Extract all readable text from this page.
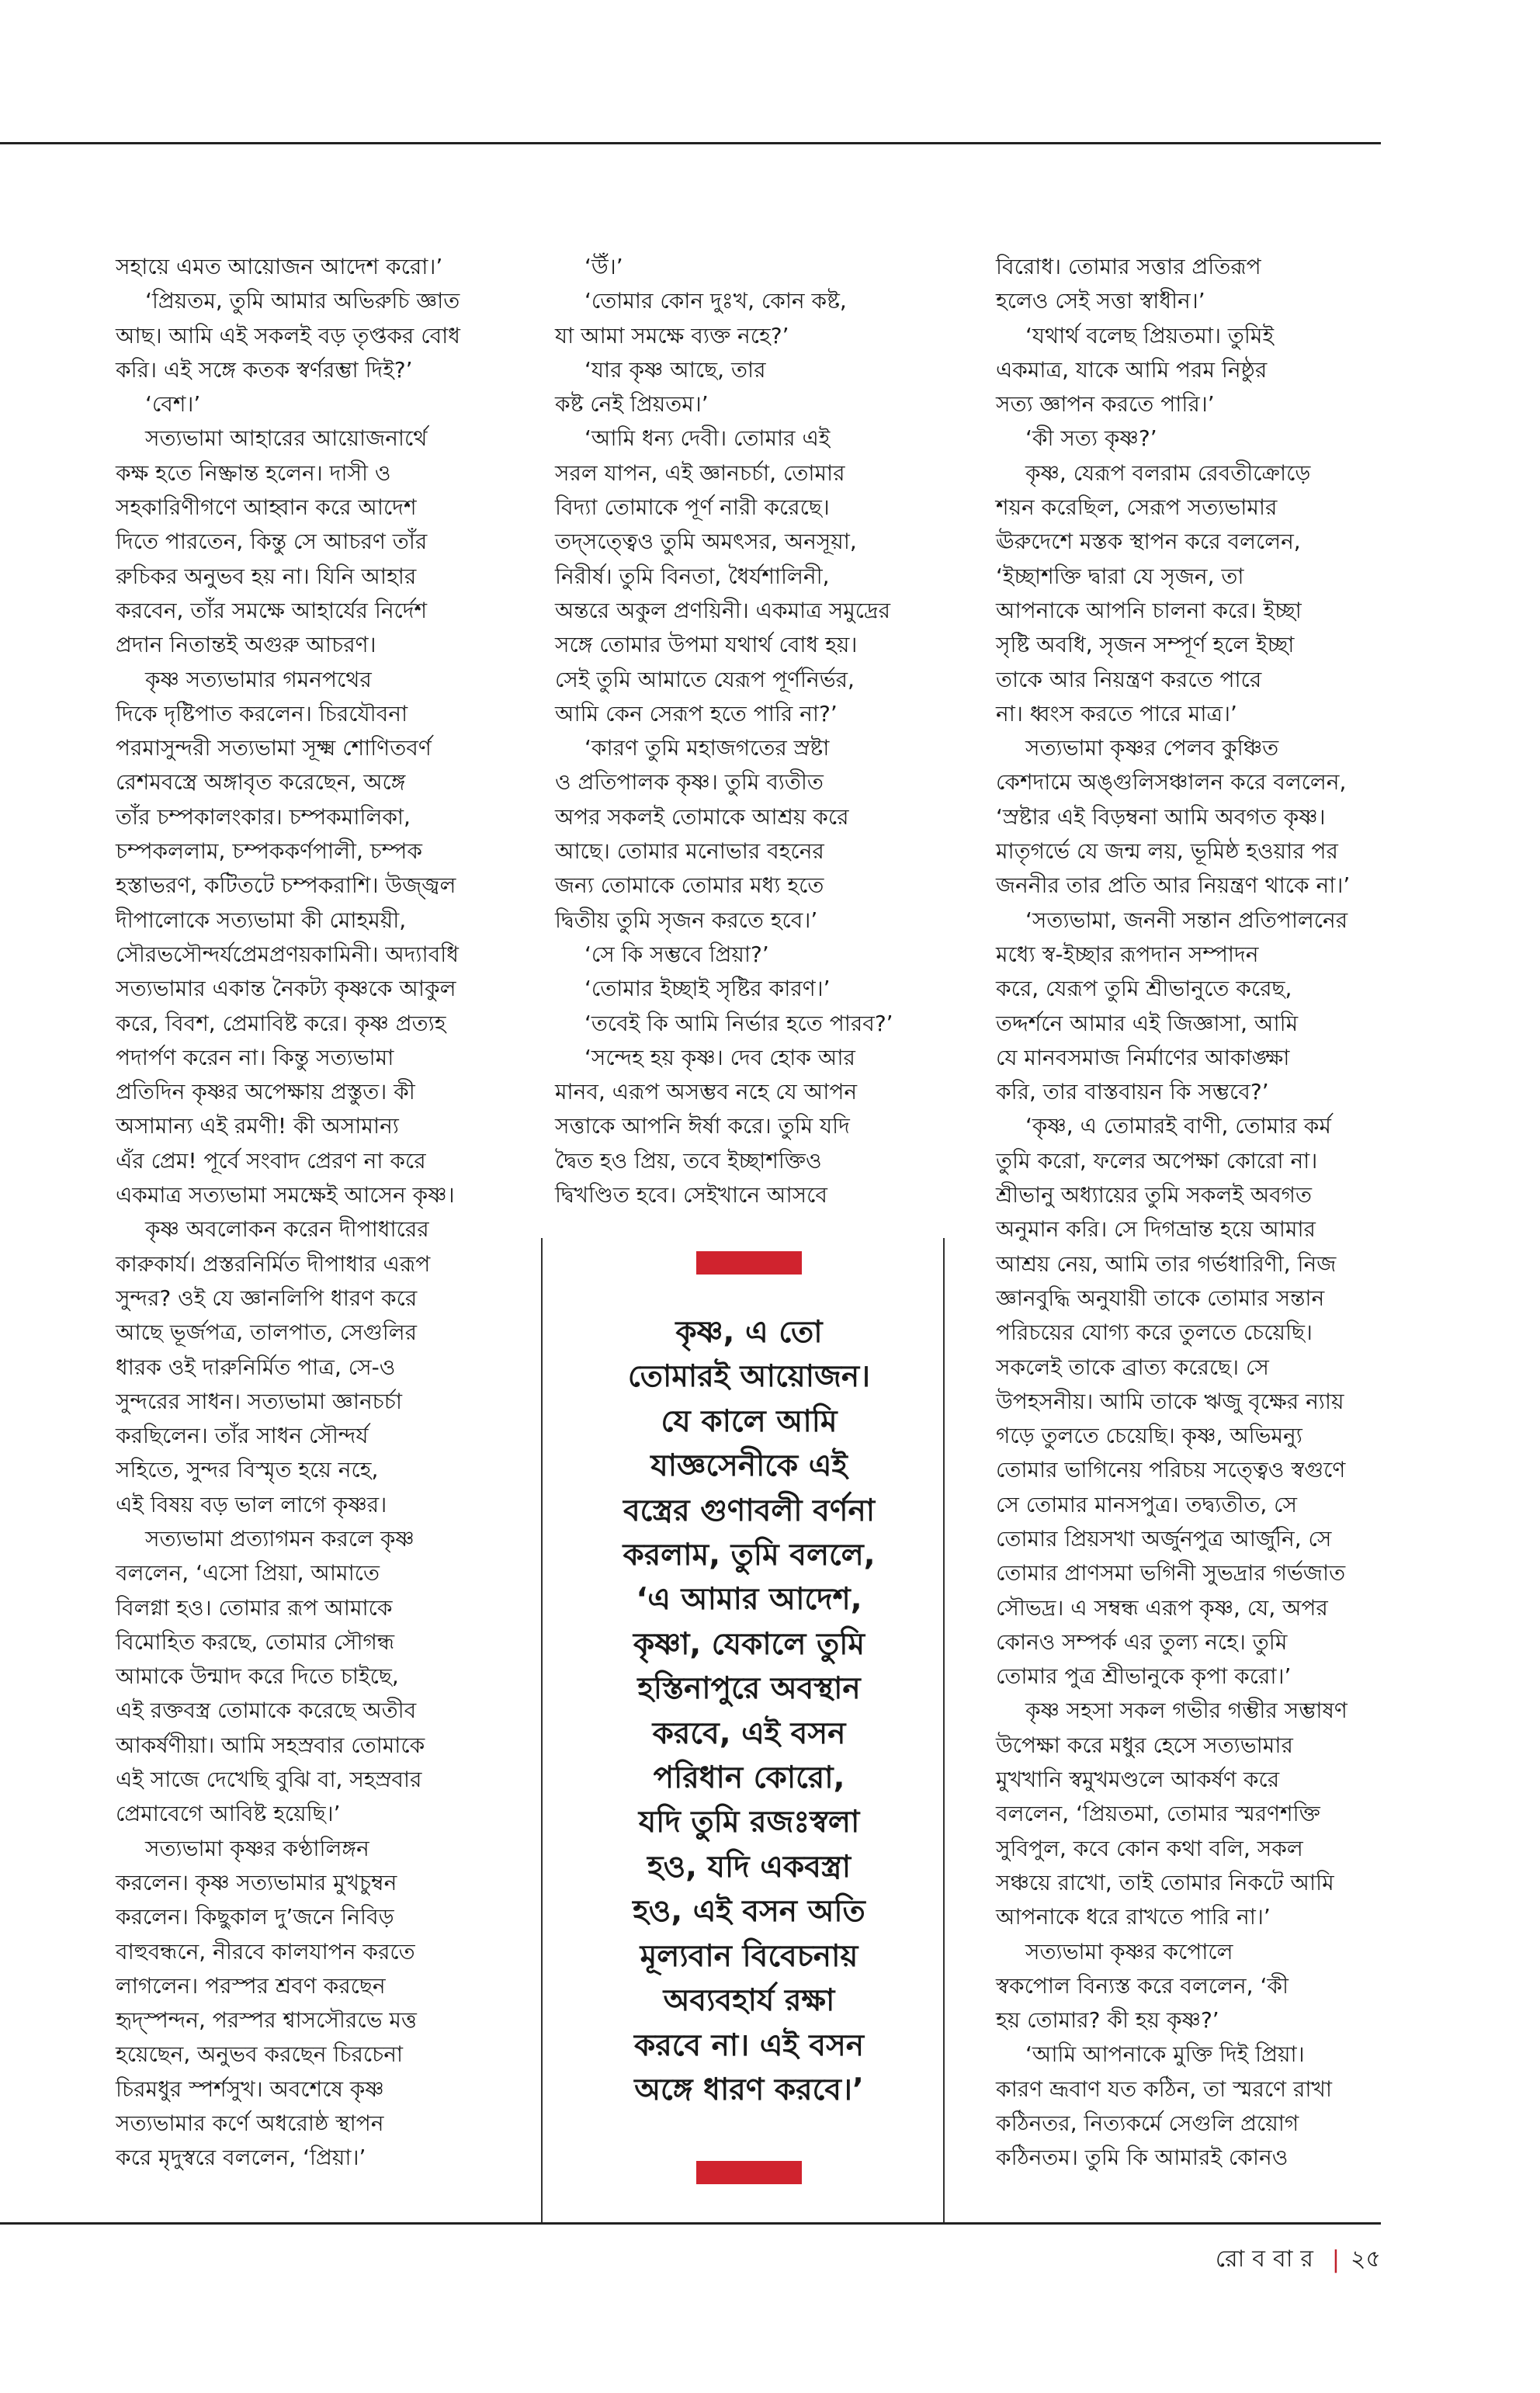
সহায়ে এমত আয়োজন আদেশ করো।’
‘প্রিয়তম, তুমি আমার অভিরুচি জ্ঞাত
আছ। আমি এই সকলই বড় তৃপ্তকর বোধ
করি। এই সঙ্গে কতক স্বর্ণরম্ভা দিই?’
‘বেশ।’
সত্যভামা আহারের আয়োজনার্থে
কক্ষ হতে নিষ্ক্রান্ত হলেন। দাসী ও
সহকারিণীগণে আহ্বান করে আদেশ
দিতে পারতেন, কিন্তু সে আচরণ তাঁর
রুচিকর অনুভব হয় না। যিনি আহার
করবেন, তাঁর সমক্ষে আহার্যের নির্দেশ
প্রদান নিতান্তই অগুরু আচরণ।
কৃষ্ণ সত্যভামার গমনপথের
দিকে দৃষ্টিপাত করলেন। চিরযৌবনা
পরমাসুন্দরী সত্যভামা সূক্ষ্ম শোণিতবর্ণ
রেশমবস্ত্রে অঙ্গাবৃত করেছেন, অঙ্গে
তাঁর চম্পকালংকার। চম্পকমালিকা,
চম্পকললাম, চম্পককর্ণপালী, চম্পক
হস্তাভরণ, কটিতটে চম্পকরাশি। উজ্জ্বল
দীপালোকে সত্যভামা কী মোহময়ী,
সৌরভসৌন্দর্যপ্রেমপ্রণয়কামিনী। অদ্যাবধি
সত্যভামার একান্ত নৈকট্য কৃষ্ণকে আকুল
করে, বিবশ, প্রেমাবিষ্ট করে। কৃষ্ণ প্রত্যহ
পদার্পণ করেন না। কিন্তু সত্যভামা
প্রতিদিন কৃষ্ণর অপেক্ষায় প্রস্তুত। কী
অসামান্য এই রমণী! কী অসামান্য
এঁর প্রেম! পূর্বে সংবাদ প্রেরণ না করে
একমাত্র সত্যভামা সমক্ষেই আসেন কৃষ্ণ।
কৃষ্ণ অবলোকন করেন দীপাধারের
কারুকার্য। প্রস্তরনির্মিত দীপাধার এরূপ
সুন্দর? ওই যে জ্ঞানলিপি ধারণ করে
আছে ভূর্জপত্র, তালপাত, সেগুলির
ধারক ওই দারুনির্মিত পাত্র, সে-ও
সুন্দরের সাধন। সত্যভামা জ্ঞানচর্চা
করছিলেন। তাঁর সাধন সৌন্দর্য
সহিতে, সুন্দর বিস্মৃত হয়ে নহে,
এই বিষয় বড় ভাল লাগে কৃষ্ণর।
সত্যভামা প্রত্যাগমন করলে কৃষ্ণ
বললেন, ‘এসো প্রিয়া, আমাতে
বিলগ্না হও। তোমার রূপ আমাকে
বিমোহিত করছে, তোমার সৌগন্ধ
আমাকে উন্মাদ করে দিতে চাইছে,
এই রক্তবস্ত্র তোমাকে করেছে অতীব
আকর্ষণীয়া। আমি সহস্রবার তোমাকে
এই সাজে দেখেছি বুঝি বা, সহস্রবার
প্রেমাবেগে আবিষ্ট হয়েছি।’
সত্যভামা কৃষ্ণর কণ্ঠালিঙ্গন
করলেন। কৃষ্ণ সত্যভামার মুখচুম্বন
করলেন। কিছুকাল দু’জনে নিবিড়
বাহুবন্ধনে, নীরবে কালযাপন করতে
লাগলেন। পরস্পর শ্রবণ করছেন
হৃদ্‌স্পন্দন, পরস্পর শ্বাসসৌরভে মত্ত
হয়েছেন, অনুভব করছেন চিরচেনা
চিরমধুর স্পর্শসুখ। অবশেষে কৃষ্ণ
সত্যভামার কর্ণে অধরোষ্ঠ স্থাপন
করে মৃদুস্বরে বললেন, ‘প্রিয়া।’
‘উঁ।’
‘তোমার কোন দুঃখ, কোন কষ্ট,
যা আমা সমক্ষে ব্যক্ত নহে?’
‘যার কৃষ্ণ আছে, তার
কষ্ট নেই প্রিয়তম।’
‘আমি ধন্য দেবী। তোমার এই
সরল যাপন, এই জ্ঞানচর্চা, তোমার
বিদ্যা তোমাকে পূর্ণ নারী করেছে।
তদ্‌সত্ত্বেও তুমি অমৎসর, অনসূয়া,
নিরীর্ষ। তুমি বিনতা, ধৈর্যশালিনী,
অন্তরে অকুল প্রণয়িনী। একমাত্র সমুদ্রের
সঙ্গে তোমার উপমা যথার্থ বোধ হয়।
সেই তুমি আমাতে যেরূপ পূর্ণনির্ভর,
আমি কেন সেরূপ হতে পারি না?’
‘কারণ তুমি মহাজগতের স্রষ্টা
ও প্রতিপালক কৃষ্ণ। তুমি ব্যতীত
অপর সকলই তোমাকে আশ্রয় করে
আছে। তোমার মনোভার বহনের
জন্য তোমাকে তোমার মধ্য হতে
দ্বিতীয় তুমি সৃজন করতে হবে।’
‘সে কি সম্ভবে প্রিয়া?’
‘তোমার ইচ্ছাই সৃষ্টির কারণ।’
‘তবেই কি আমি নির্ভার হতে পারব?’
‘সন্দেহ হয় কৃষ্ণ। দেব হোক আর
মানব, এরূপ অসম্ভব নহে যে আপন
সত্তাকে আপনি ঈর্ষা করে। তুমি যদি
দ্বৈত হও প্রিয়, তবে ইচ্ছাশক্তিও
দ্বিখণ্ডিত হবে। সেইখানে আসবে
বিরোধ। তোমার সত্তার প্রতিরূপ
হলেও সেই সত্তা স্বাধীন।’
‘যথার্থ বলেছ প্রিয়তমা। তুমিই
একমাত্র, যাকে আমি পরম নিষ্ঠুর
সত্য জ্ঞাপন করতে পারি।’
‘কী সত্য কৃষ্ণ?’
কৃষ্ণ, যেরূপ বলরাম রেবতীক্রোড়ে
শয়ন করেছিল, সেরূপ সত্যভামার
ঊরুদেশে মস্তক স্থাপন করে বললেন,
‘ইচ্ছাশক্তি দ্বারা যে সৃজন, তা
আপনাকে আপনি চালনা করে। ইচ্ছা
সৃষ্টি অবধি, সৃজন সম্পূর্ণ হলে ইচ্ছা
তাকে আর নিয়ন্ত্রণ করতে পারে
না। ধ্বংস করতে পারে মাত্র।’
সত্যভামা কৃষ্ণর পেলব কুঞ্চিত
কেশদামে অঙ্গুলিসঞ্চালন করে বললেন,
‘স্রষ্টার এই বিড়ম্বনা আমি অবগত কৃষ্ণ।
মাতৃগর্ভে যে জন্ম লয়, ভূমিষ্ঠ হওয়ার পর
জননীর তার প্রতি আর নিয়ন্ত্রণ থাকে না।’
‘সত্যভামা, জননী সন্তান প্রতিপালনের
মধ্যে স্ব-ইচ্ছার রূপদান সম্পাদন
করে, যেরূপ তুমি শ্রীভানুতে করেছ,
তদ্দর্শনে আমার এই জিজ্ঞাসা, আমি
যে মানবসমাজ নির্মাণের আকাঙ্ক্ষা
করি, তার বাস্তবায়ন কি সম্ভবে?’
‘কৃষ্ণ, এ তোমারই বাণী, তোমার কর্ম
তুমি করো, ফলের অপেক্ষা কোরো না।
শ্রীভানু অধ্যায়ের তুমি সকলই অবগত
অনুমান করি। সে দিগভ্রান্ত হয়ে আমার
আশ্রয় নেয়, আমি তার গর্ভধারিণী, নিজ
জ্ঞানবুদ্ধি অনুযায়ী তাকে তোমার সন্তান
পরিচয়ের যোগ্য করে তুলতে চেয়েছি।
সকলেই তাকে ব্রাত্য করেছে। সে
উপহসনীয়। আমি তাকে ঋজু বৃক্ষের ন্যায়
গড়ে তুলতে চেয়েছি। কৃষ্ণ, অভিমন্যু
তোমার ভাগিনেয় পরিচয় সত্ত্বেও স্বগুণে
সে তোমার মানসপুত্র। তদ্ব্যতীত, সে
তোমার প্রিয়সখা অর্জুনপুত্র আর্জুনি, সে
তোমার প্রাণসমা ভগিনী সুভদ্রার গর্ভজাত
সৌভদ্র। এ সম্বন্ধ এরূপ কৃষ্ণ, যে, অপর
কোনও সম্পর্ক এর তুল্য নহে। তুমি
তোমার পুত্র শ্রীভানুকে কৃপা করো।’
কৃষ্ণ সহসা সকল গভীর গম্ভীর সম্ভাষণ
উপেক্ষা করে মধুর হেসে সত্যভামার
মুখখানি স্বমুখমণ্ডলে আকর্ষণ করে
বললেন, ‘প্রিয়তমা, তোমার স্মরণশক্তি
সুবিপুল, কবে কোন কথা বলি, সকল
সঞ্চয়ে রাখো, তাই তোমার নিকটে আমি
আপনাকে ধরে রাখতে পারি না।’
সত্যভামা কৃষ্ণর কপোলে
স্বকপোল বিন্যস্ত করে বললেন, ‘কী
হয় তোমার? কী হয় কৃষ্ণ?’
‘আমি আপনাকে মুক্তি দিই প্রিয়া।
কারণ ভ্রূবাণ যত কঠিন, তা স্মরণে রাখা
কঠিনতর, নিত্যকর্মে সেগুলি প্রয়োগ
কঠিনতম। তুমি কি আমারই কোনও
কৃষ্ণ, এ তো
তোমারই আয়োজন।
যে কালে আমি
যাজ্ঞসেনীকে এই
বস্ত্রের গুণাবলী বর্ণনা
করলাম, তুমি বললে,
‘এ আমার আদেশ,
কৃষ্ণা, যেকালে তুমি
হস্তিনাপুরে অবস্থান
করবে, এই বসন
পরিধান কোরো,
যদি তুমি রজঃস্বলা
হও, যদি একবস্ত্রা
হও, এই বসন অতি
মূল্যবান বিবেচনায়
অব্যবহার্য রক্ষা
করবে না। এই বসন
অঙ্গে ধারণ করবে।’
রোববার | ২৫
